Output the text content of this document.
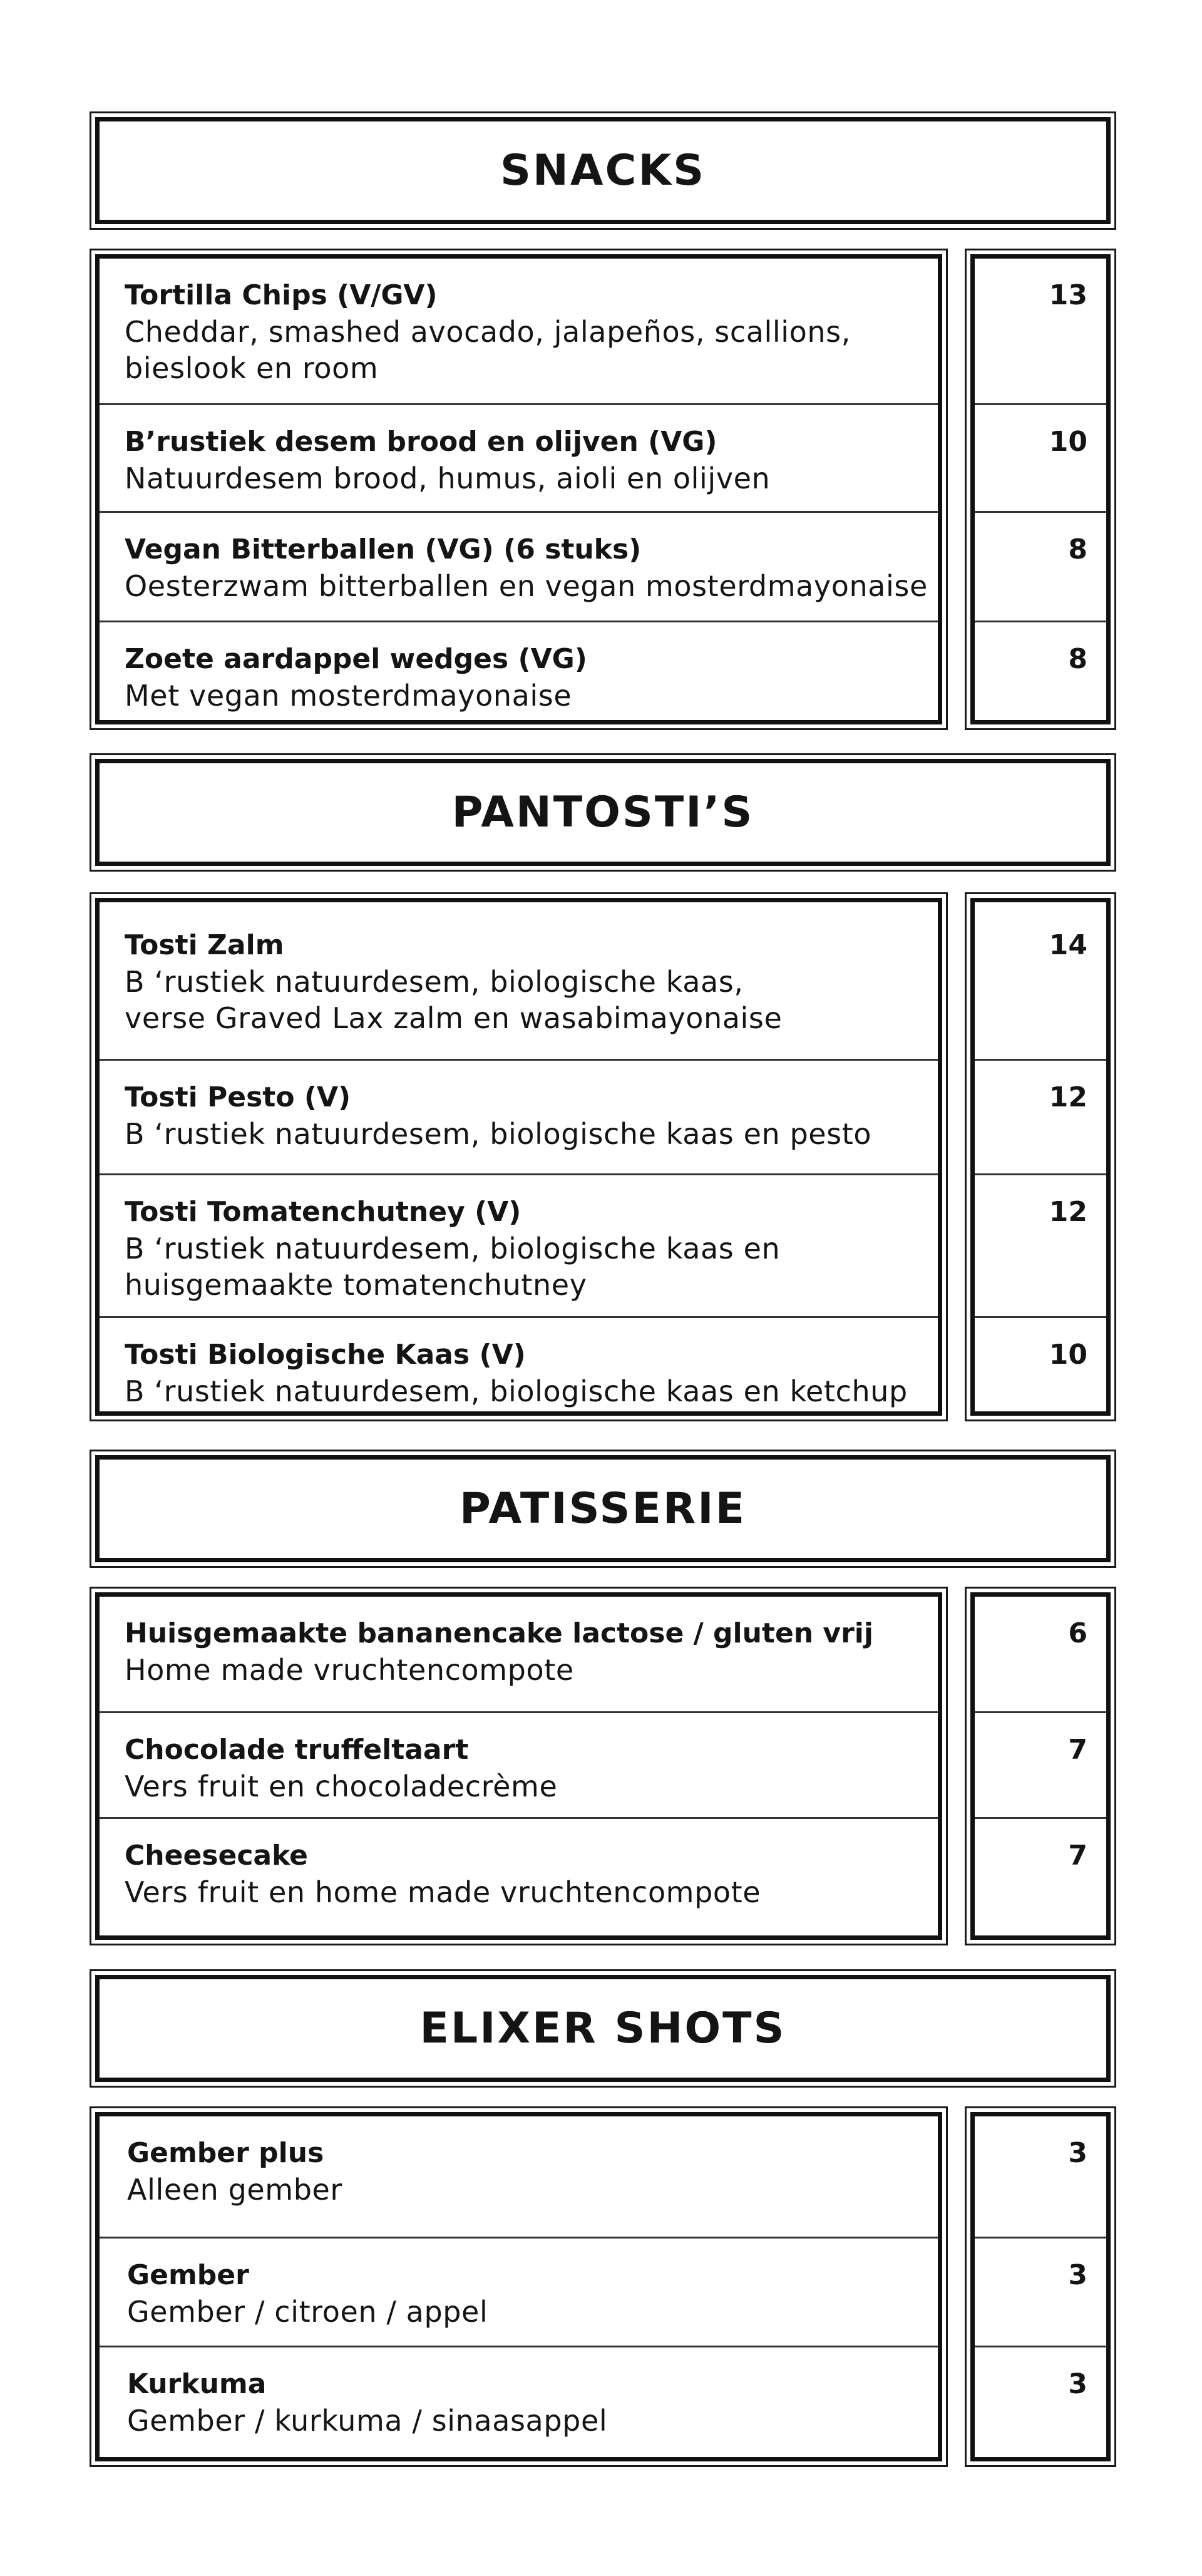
SNACKS
Tortilla Chips (V/GV)
Cheddar, smashed avocado, jalapeños, scallions,
bieslook en room
B’rustiek desem brood en olijven (VG)
Natuurdesem brood, humus, aioli en olijven
Vegan Bitterballen (VG) (6 stuks)
Oesterzwam bitterballen en vegan mosterdmayonaise
Zoete aardappel wedges (VG)
Met vegan mosterdmayonaise
13
10
8
8
PANTOSTI’S
Tosti Zalm
B ‘rustiek natuurdesem, biologische kaas,
verse Graved Lax zalm en wasabimayonaise
Tosti Pesto (V)
B ‘rustiek natuurdesem, biologische kaas en pesto
Tosti Tomatenchutney (V)
B ‘rustiek natuurdesem, biologische kaas en
huisgemaakte tomatenchutney
Tosti Biologische Kaas (V)
B ‘rustiek natuurdesem, biologische kaas en ketchup
14
12
12
10
PATISSERIE
Huisgemaakte bananencake lactose / gluten vrij
Home made vruchtencompote
Chocolade truffeltaart
Vers fruit en chocoladecrème
Cheesecake
Vers fruit en home made vruchtencompote
6
7
7
ELIXER SHOTS
Gember plus
Alleen gember
Gember
Gember / citroen / appel
Kurkuma
Gember / kurkuma / sinaasappel
3
3
3
